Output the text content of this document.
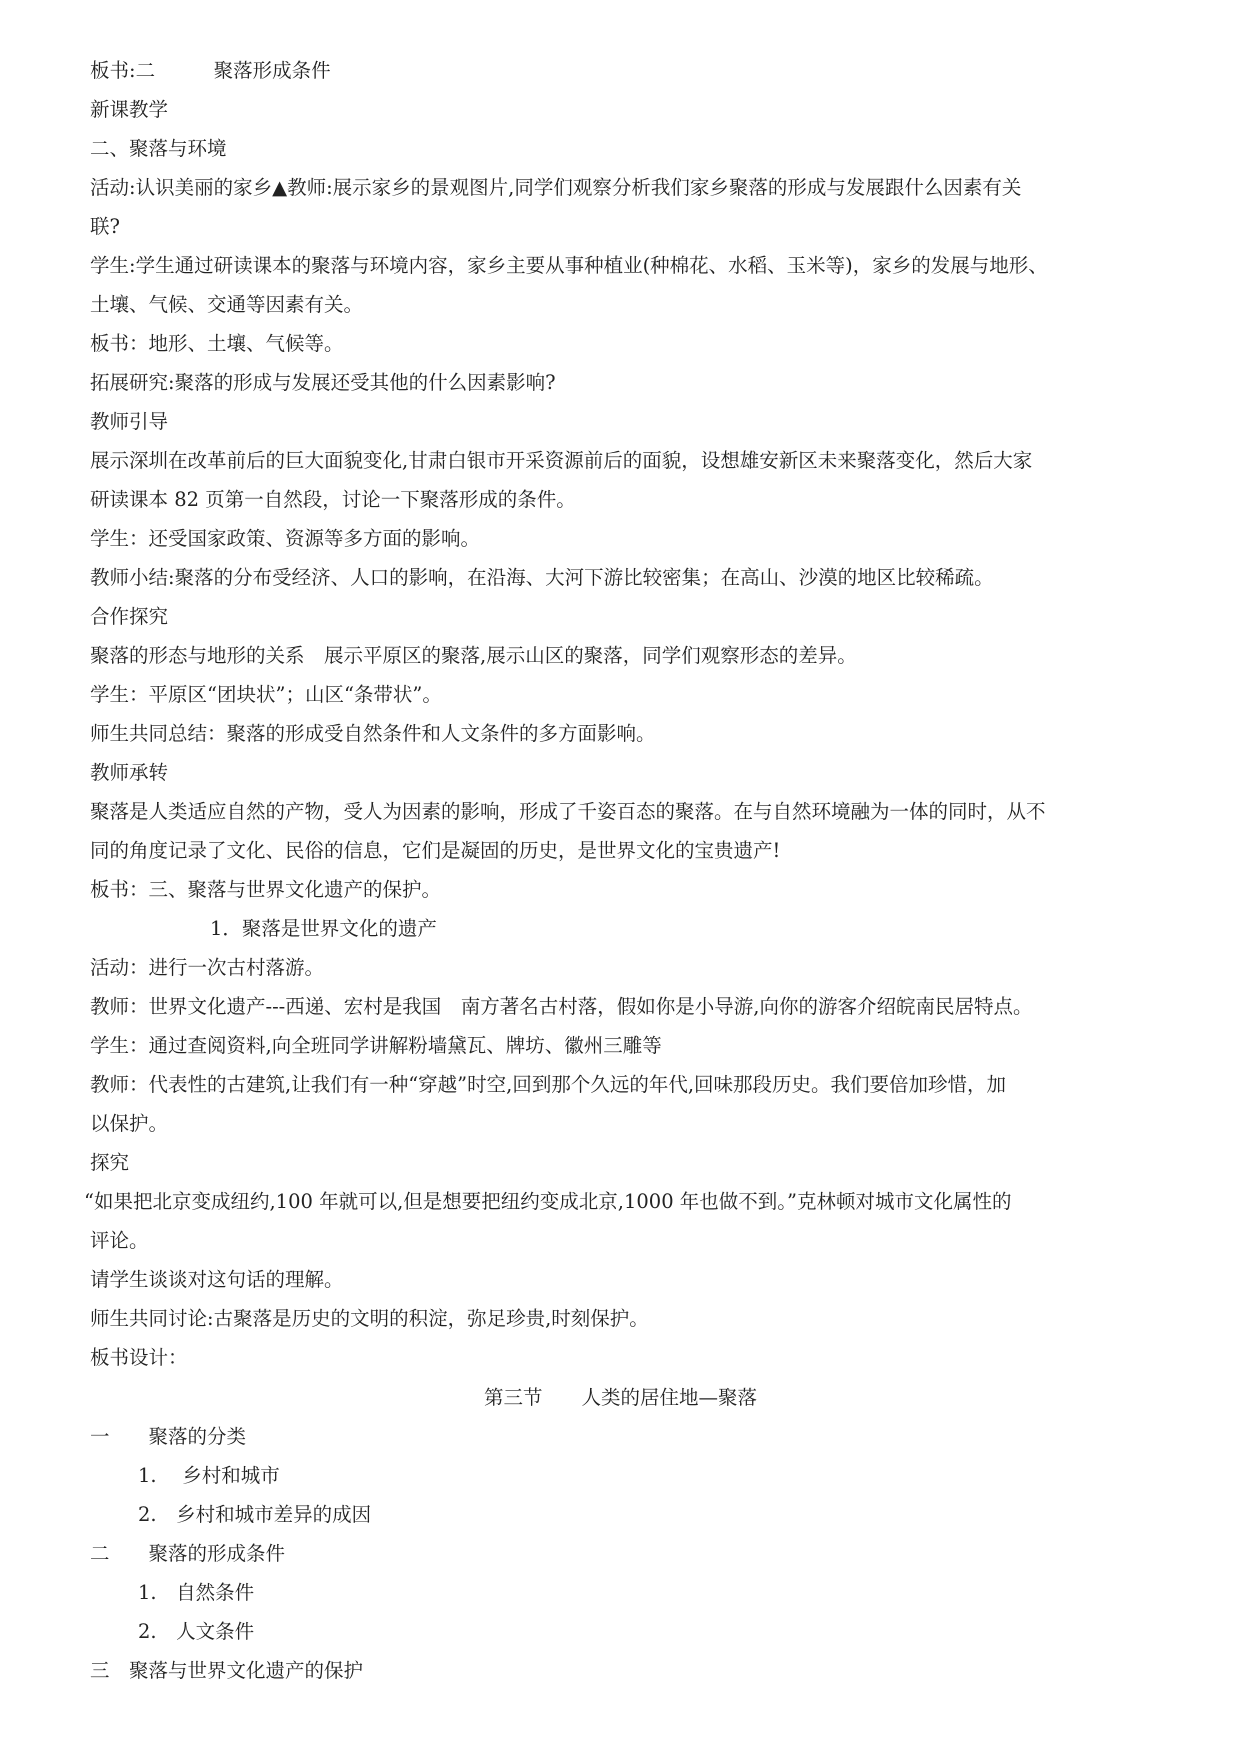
板书:二　　　聚落形成条件
新课教学
二、聚落与环境
活动:认识美丽的家乡▲教师:展示家乡的景观图片,同学们观察分析我们家乡聚落的形成与发展跟什么因素有关
联?
学生:学生通过研读课本的聚落与环境内容，家乡主要从事种植业(种棉花、水稻、玉米等)，家乡的发展与地形、
土壤、气候、交通等因素有关。
板书：地形、土壤、气候等。
拓展研究:聚落的形成与发展还受其他的什么因素影响?
教师引导
展示深圳在改革前后的巨大面貌变化,甘肃白银市开采资源前后的面貌，设想雄安新区未来聚落变化，然后大家
研读课本 82 页第一自然段，讨论一下聚落形成的条件。
学生：还受国家政策、资源等多方面的影响。
教师小结:聚落的分布受经济、人口的影响，在沿海、大河下游比较密集；在高山、沙漠的地区比较稀疏。
合作探究
聚落的形态与地形的关系　展示平原区的聚落,展示山区的聚落，同学们观察形态的差异。
学生：平原区“团块状”；山区“条带状”。
师生共同总结：聚落的形成受自然条件和人文条件的多方面影响。
教师承转
聚落是人类适应自然的产物，受人为因素的影响，形成了千姿百态的聚落。在与自然环境融为一体的同时，从不
同的角度记录了文化、民俗的信息，它们是凝固的历史，是世界文化的宝贵遗产!
板书：三、聚落与世界文化遗产的保护。
1．聚落是世界文化的遗产
活动：进行一次古村落游。
教师：世界文化遗产---西递、宏村是我国　南方著名古村落，假如你是小导游,向你的游客介绍皖南民居特点。
学生：通过查阅资料,向全班同学讲解粉墙黛瓦、牌坊、徽州三雕等
教师：代表性的古建筑,让我们有一种“穿越”时空,回到那个久远的年代,回味那段历史。我们要倍加珍惜，加
以保护。
探究
“如果把北京变成纽约,100 年就可以,但是想要把纽约变成北京,1000 年也做不到。”克林顿对城市文化属性的
评论。
请学生谈谈对这句话的理解。
师生共同讨论:古聚落是历史的文明的积淀，弥足珍贵,时刻保护。
板书设计：
第三节　　人类的居住地—聚落
一　　聚落的分类
1.　 乡村和城市
2.　乡村和城市差异的成因
二　　聚落的形成条件
1.　自然条件
2.　人文条件
三　聚落与世界文化遗产的保护
